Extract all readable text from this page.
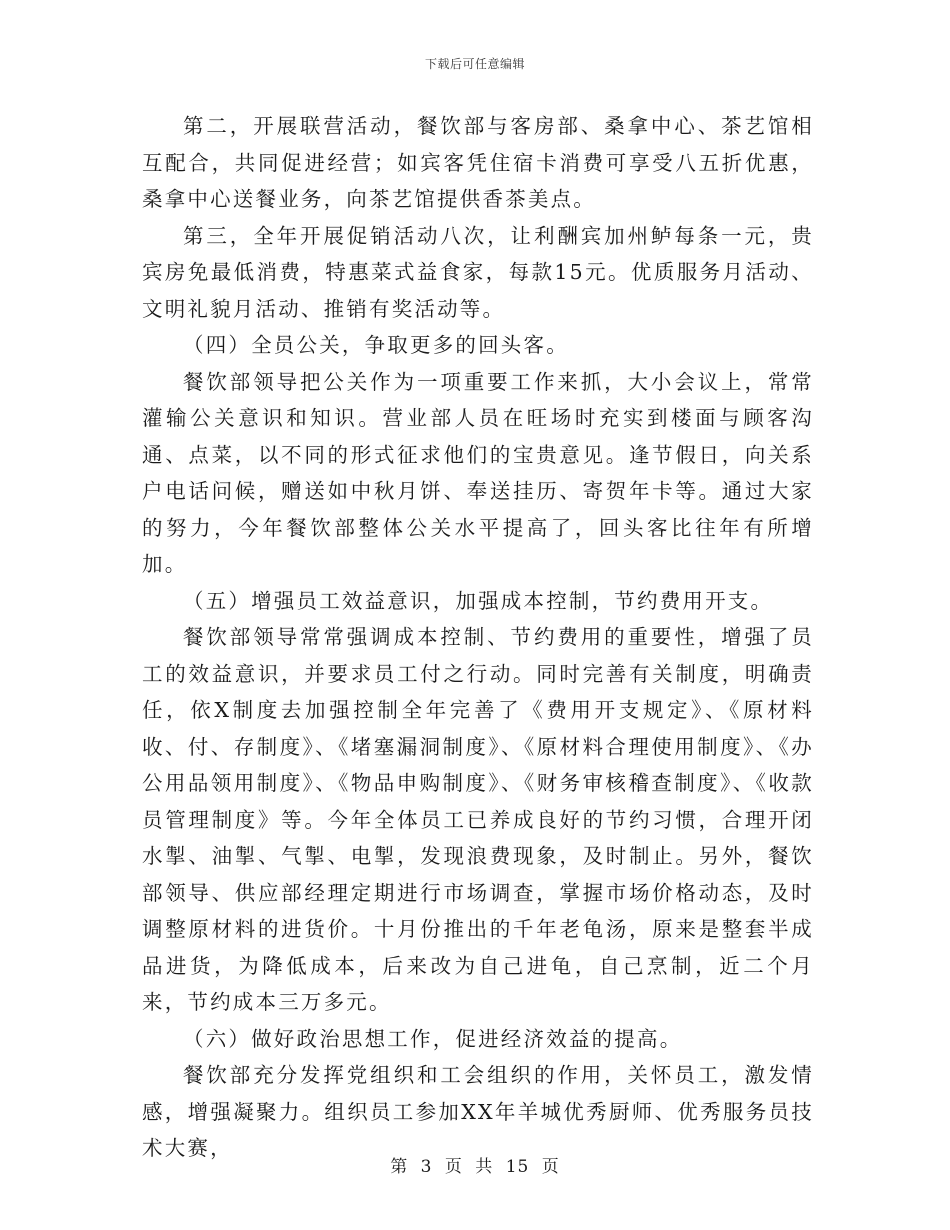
下载后可任意编辑

第二，开展联营活动，餐饮部与客房部、桑拿中心、茶艺馆相互配合，共同促进经营；如宾客凭住宿卡消费可享受八五折优惠，桑拿中心送餐业务，向茶艺馆提供香茶美点。

第三，全年开展促销活动八次，让利酬宾加州鲈每条一元，贵宾房免最低消费，特惠菜式益食家，每款15元。优质服务月活动、文明礼貌月活动、推销有奖活动等。

（四）全员公关，争取更多的回头客。

餐饮部领导把公关作为一项重要工作来抓，大小会议上，常常灌输公关意识和知识。营业部人员在旺场时充实到楼面与顾客沟通、点菜，以不同的形式征求他们的宝贵意见。逢节假日，向关系户电话问候，赠送如中秋月饼、奉送挂历、寄贺年卡等。通过大家的努力，今年餐饮部整体公关水平提高了，回头客比往年有所增加。

（五）增强员工效益意识，加强成本控制，节约费用开支。

餐饮部领导常常强调成本控制、节约费用的重要性，增强了员工的效益意识，并要求员工付之行动。同时完善有关制度，明确责任，依X制度去加强控制全年完善了《费用开支规定》、《原材料收、付、存制度》、《堵塞漏洞制度》、《原材料合理使用制度》、《办公用品领用制度》、《物品申购制度》、《财务审核稽查制度》、《收款员管理制度》等。今年全体员工已养成良好的节约习惯，合理开闭水掣、油掣、气掣、电掣，发现浪费现象，及时制止。另外，餐饮部领导、供应部经理定期进行市场调查，掌握市场价格动态，及时调整原材料的进货价。十月份推出的千年老龟汤，原来是整套半成品进货，为降低成本，后来改为自己进龟，自己烹制，近二个月来，节约成本三万多元。

（六）做好政治思想工作，促进经济效益的提高。

餐饮部充分发挥党组织和工会组织的作用，关怀员工，激发情感，增强凝聚力。组织员工参加XX年羊城优秀厨师、优秀服务员技术大赛，

第 3 页 共 15 页
